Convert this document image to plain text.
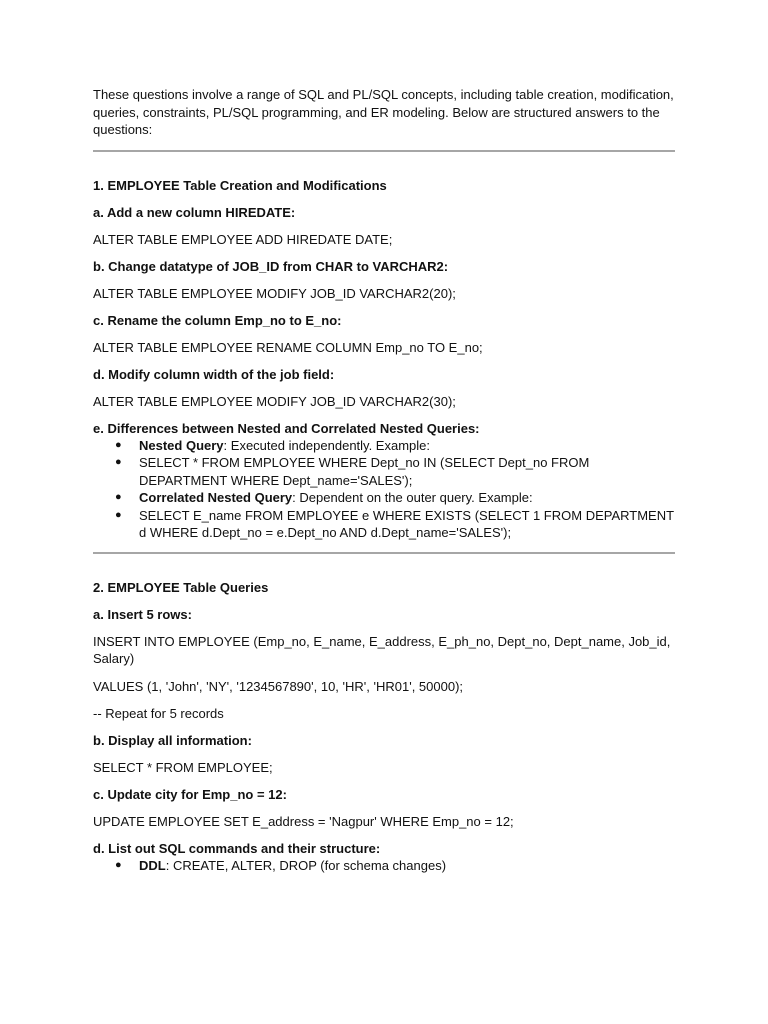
These questions involve a range of SQL and PL/SQL concepts, including table creation, modification, queries, constraints, PL/SQL programming, and ER modeling. Below are structured answers to the questions:

1. EMPLOYEE Table Creation and Modifications

a. Add a new column HIREDATE:

ALTER TABLE EMPLOYEE ADD HIREDATE DATE;

b. Change datatype of JOB_ID from CHAR to VARCHAR2:

ALTER TABLE EMPLOYEE MODIFY JOB_ID VARCHAR2(20);

c. Rename the column Emp_no to E_no:

ALTER TABLE EMPLOYEE RENAME COLUMN Emp_no TO E_no;

d. Modify column width of the job field:

ALTER TABLE EMPLOYEE MODIFY JOB_ID VARCHAR2(30);

e. Differences between Nested and Correlated Nested Queries:

● Nested Query: Executed independently. Example:
● SELECT * FROM EMPLOYEE WHERE Dept_no IN (SELECT Dept_no FROM DEPARTMENT WHERE Dept_name='SALES');
● Correlated Nested Query: Dependent on the outer query. Example:
● SELECT E_name FROM EMPLOYEE e WHERE EXISTS (SELECT 1 FROM DEPARTMENT d WHERE d.Dept_no = e.Dept_no AND d.Dept_name='SALES');

2. EMPLOYEE Table Queries

a. Insert 5 rows:

INSERT INTO EMPLOYEE (Emp_no, E_name, E_address, E_ph_no, Dept_no, Dept_name, Job_id, Salary)

VALUES (1, 'John', 'NY', '1234567890', 10, 'HR', 'HR01', 50000);

-- Repeat for 5 records

b. Display all information:

SELECT * FROM EMPLOYEE;

c. Update city for Emp_no = 12:

UPDATE EMPLOYEE SET E_address = 'Nagpur' WHERE Emp_no = 12;

d. List out SQL commands and their structure:

● DDL: CREATE, ALTER, DROP (for schema changes)
